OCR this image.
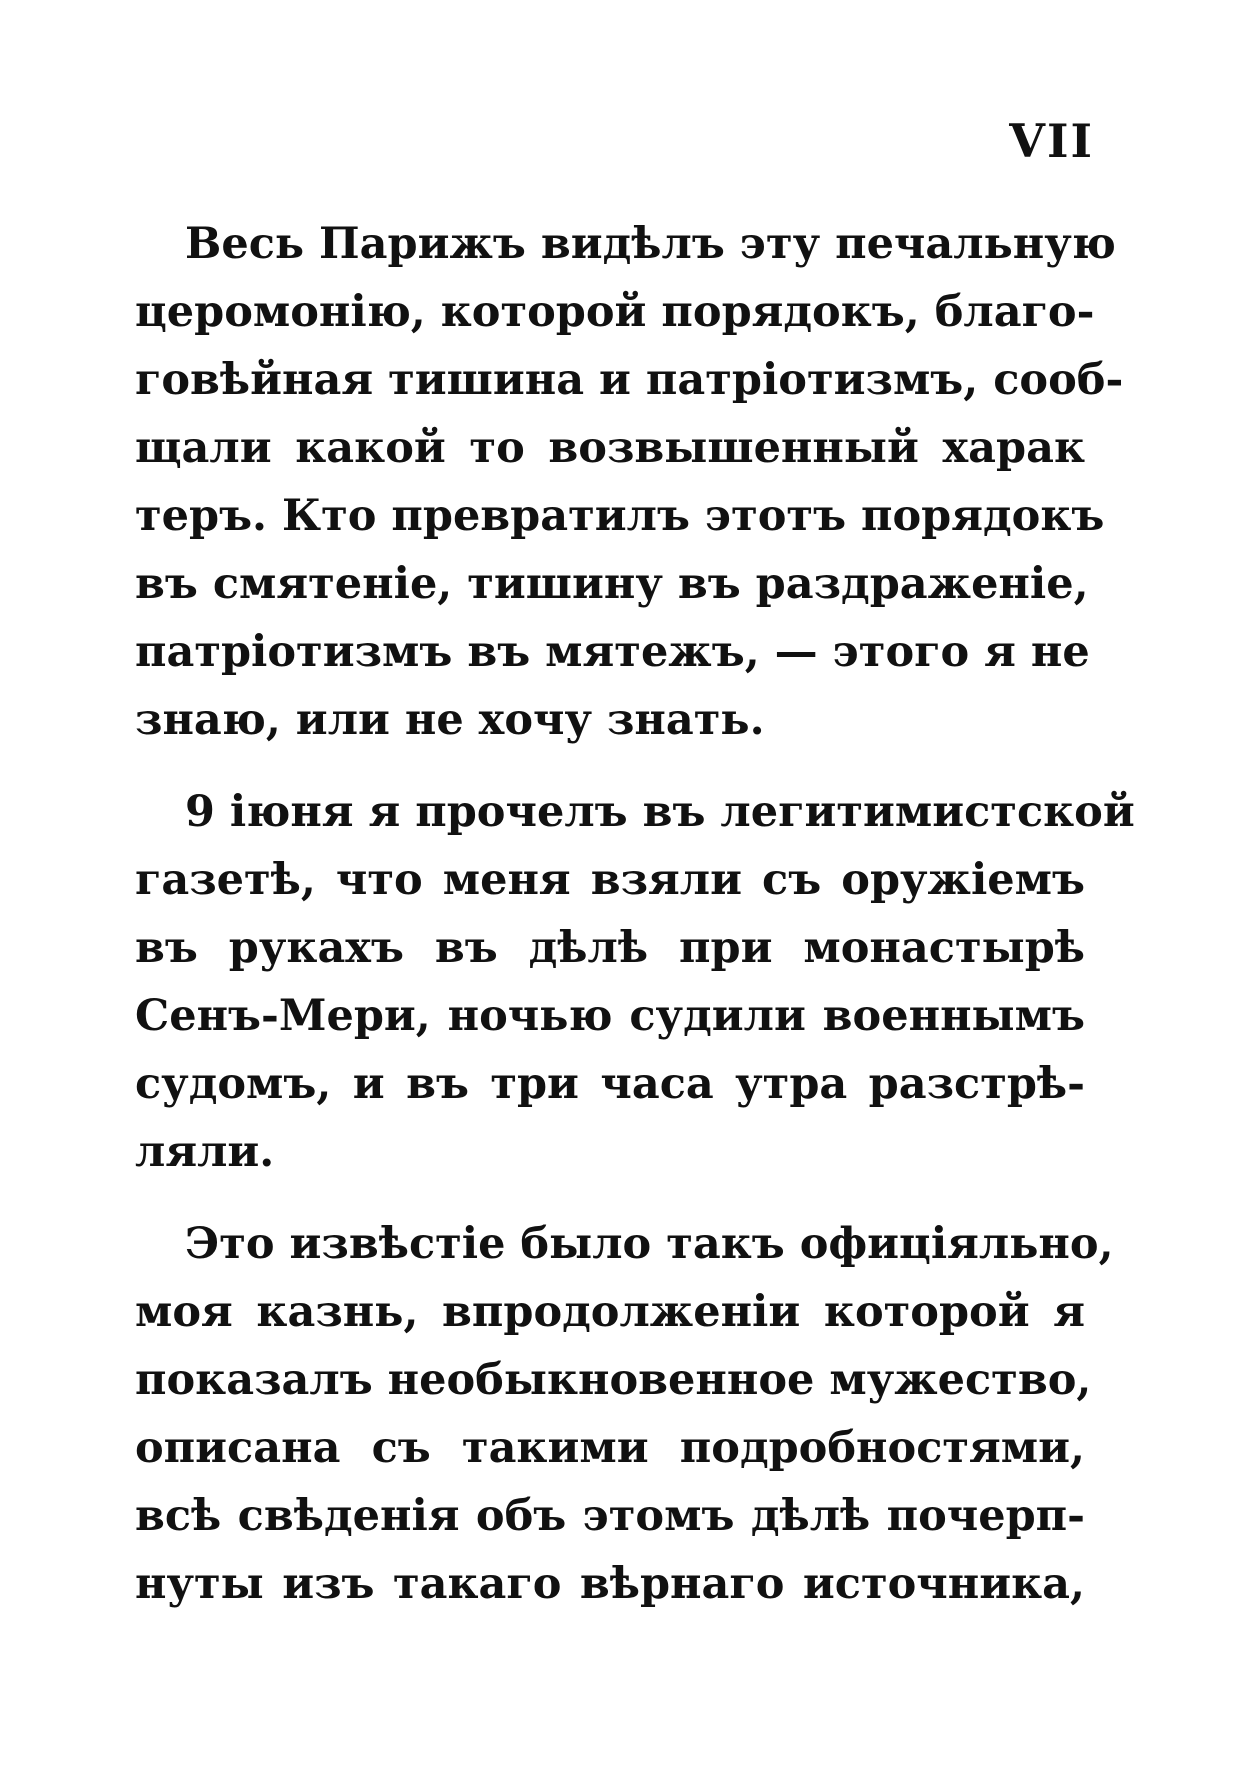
VII
Весь Парижъ видѣлъ эту печальную
церомонію, которой порядокъ, благо-
говѣйная тишина и патріотизмъ, сооб-
щали какой то возвышенный харак
теръ. Кто превратилъ этотъ порядокъ
въ смятеніе, тишину въ раздраженіе,
патріотизмъ въ мятежъ, — этого я не
знаю, или не хочу знать.
9 іюня я прочелъ въ легитимистской
газетѣ, что меня взяли съ оружіемъ
въ рукахъ въ дѣлѣ при монастырѣ
Сенъ-Мери, ночью судили военнымъ
судомъ, и въ три часа утра разстрѣ-
ляли.
Это извѣстіе было такъ офиціяльно,
моя казнь, впродолженіи которой я
показалъ необыкновенное мужество,
описана съ такими подробностями,
всѣ свѣденія объ этомъ дѣлѣ почерп-
нуты изъ такаго вѣрнаго источника,
